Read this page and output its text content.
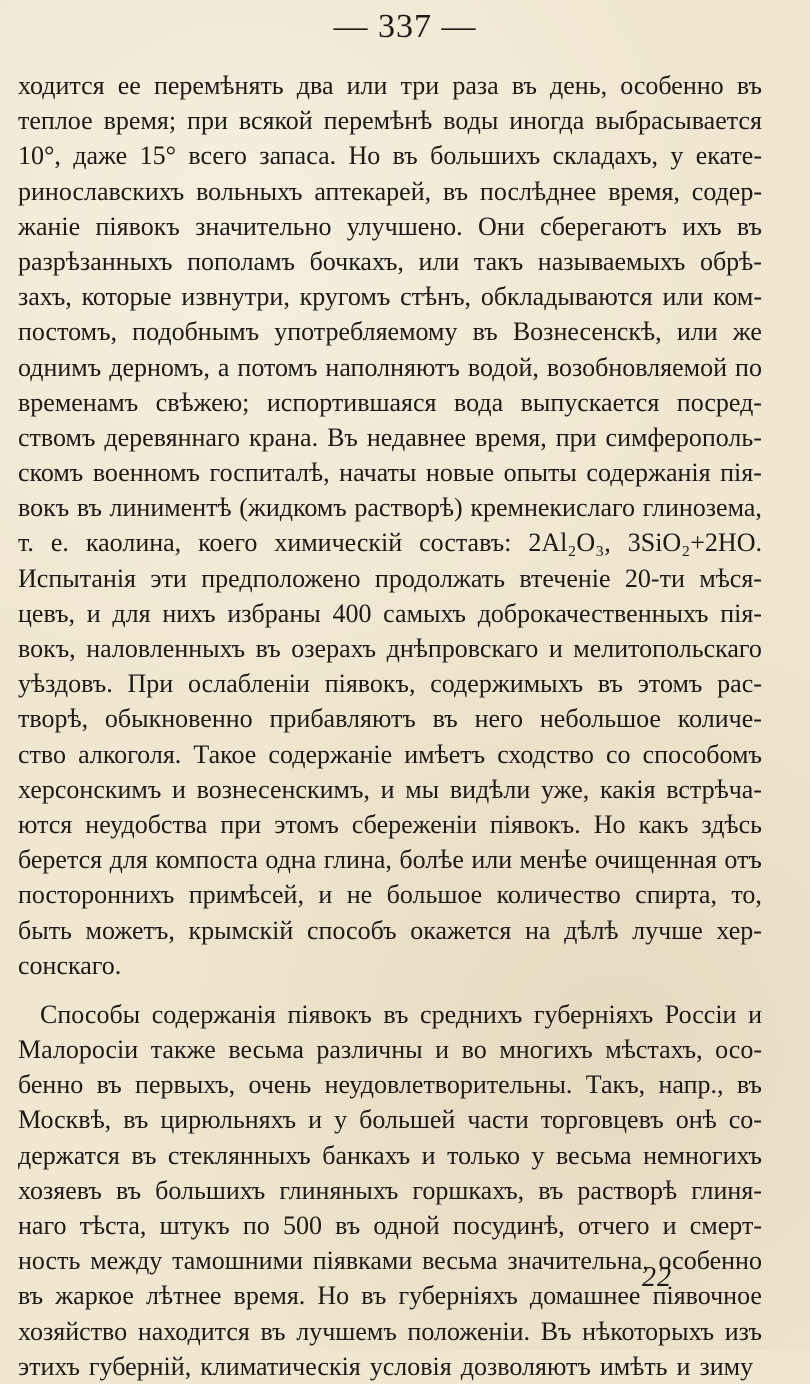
— 337 —
ходится ее перемѣнять два или три раза въ день, особенно въ
теплое время; при всякой перемѣнѣ воды иногда выбрасывается
10°, даже 15° всего запаса. Но въ большихъ складахъ, у екате-
ринославскихъ вольныхъ аптекарей, въ послѣднее время, содер-
жаніе піявокъ значительно улучшено. Они сберегаютъ ихъ въ
разрѣзанныхъ пополамъ бочкахъ, или такъ называемыхъ обрѣ-
захъ, которые извнутри, кругомъ стѣнъ, обкладываются или ком-
постомъ, подобнымъ употребляемому въ Вознесенскѣ, или же
однимъ дерномъ, а потомъ наполняютъ водой, возобновляемой по
временамъ свѣжею; испортившаяся вода выпускается посред-
ствомъ деревяннаго крана. Въ недавнее время, при симферополь-
скомъ военномъ госпиталѣ, начаты новые опыты содержанія пія-
вокъ въ линиментѣ (жидкомъ растворѣ) кремнекислаго глинозема,
т. е. каолина, коего химическій составъ: 2Al₂O₃, 3SiO₂+2HO.
Испытанія эти предположено продолжать втеченіе 20-ти мѣся-
цевъ, и для нихъ избраны 400 самыхъ доброкачественныхъ пія-
вокъ, наловленныхъ въ озерахъ днѣпровскаго и мелитопольскаго
уѣздовъ. При ослабленіи піявокъ, содержимыхъ въ этомъ рас-
творѣ, обыкновенно прибавляютъ въ него небольшое количе-
ство алкоголя. Такое содержаніе имѣетъ сходство со способомъ
херсонскимъ и вознесенскимъ, и мы видѣли уже, какія встрѣча-
ются неудобства при этомъ сбереженіи піявокъ. Но какъ здѣсь
берется для компоста одна глина, болѣе или менѣе очищенная отъ
постороннихъ примѣсей, и не большое количество спирта, то,
быть можетъ, крымскій способъ окажется на дѣлѣ лучше хер-
сонскаго.
Способы содержанія піявокъ въ среднихъ губерніяхъ Россіи и
Малоросіи также весьма различны и во многихъ мѣстахъ, осо-
бенно въ первыхъ, очень неудовлетворительны. Такъ, напр., въ
Москвѣ, въ цирюльняхъ и у большей части торговцевъ онѣ со-
держатся въ стеклянныхъ банкахъ и только у весьма немногихъ
хозяевъ въ большихъ глиняныхъ горшкахъ, въ растворѣ глиня-
наго тѣста, штукъ по 500 въ одной посудинѣ, отчего и смерт-
ность между тамошними піявками весьма значительна, особенно
въ жаркое лѣтнее время. Но въ губерніяхъ домашнее піявочное
хозяйство находится въ лучшемъ положеніи. Въ нѣкоторыхъ изъ
этихъ губерній, климатическія условія дозволяютъ имѣть и зиму
22
